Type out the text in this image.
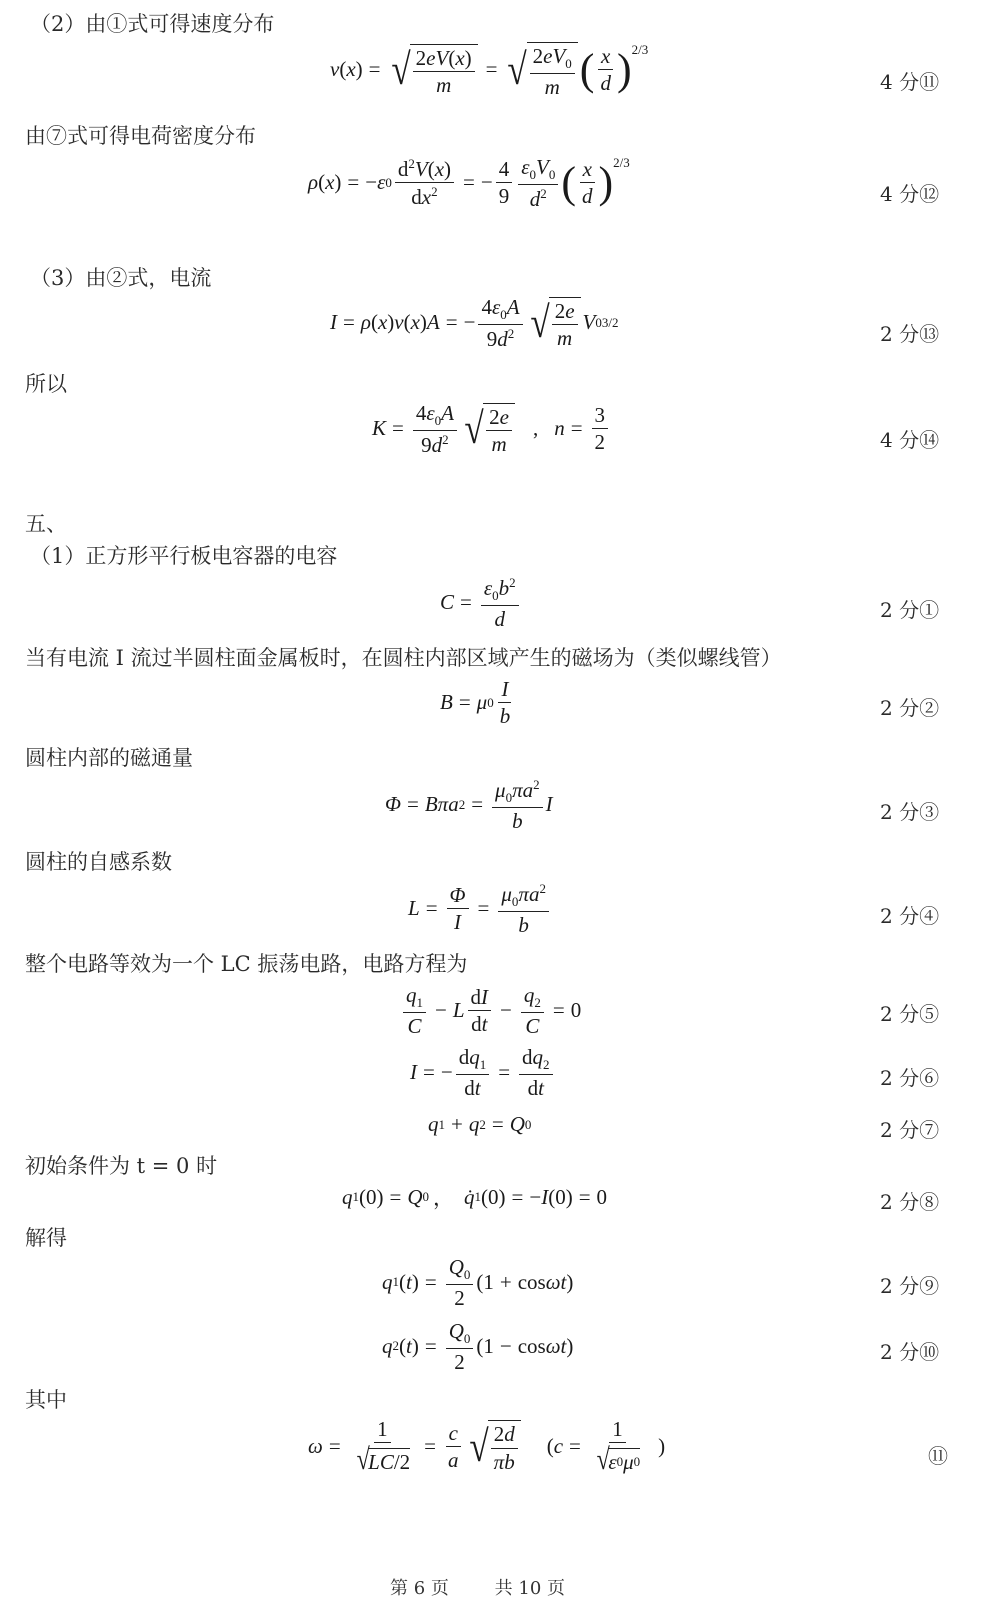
（2）由①式可得速度分布
v ( x ) = √ $\frac{2eV(x)}{m}$ = √ $\frac{2eV_0}{m}$ ( $\frac{x}{d}$ ) 2/3
4 分⑪
由⑦式可得电荷密度分布
ρ ( x ) = − ε $0 \frac{d^2V(x)}{dx^2}$ = − $\frac{4}{9} \frac{\varepsilon_0V_0}{d^2}$ ( $\frac{x}{d}$ ) 2/3
4 分⑫
（3）由②式，电流
I = ρ ( x ) v ( x ) A = − $\frac{4\varepsilon_0A}{9d^2}$ √ $\frac{2e}{m}$ V 0 3/2	2 分⑬
所以
$K = \frac{4\varepsilon_0A}{9d^2}$ √ $\frac{2e}{m}$ , $n = \frac{3}{2}$	4 分⑭
五、
（1）正方形平行板电容器的电容
$C = \frac{\varepsilon_0b^2}{d}$	2 分①
当有电流 I 流过半圆柱面金属板时，在圆柱内部区域产生的磁场为（类似螺线管）
B = μ $0 \frac{I}{b}$	2 分②
圆柱内部的磁通量
Φ = Bπa $2 = \frac{\mu_0\pi a^2}{b}$ I	2 分③
圆柱的自感系数
$L = \frac{\Phi}{I} = \frac{\mu_0\pi a^2}{b}$	2 分④
整个电路等效为一个 LC 振荡电路，电路方程为
$\frac{q_1}{C} - L \frac{dI}{dt} - \frac{q_2}{C} = 0$	2 分⑤
I = − $\frac{dq_1}{dt} = \frac{dq_2}{dt}$	2 分⑥
q 1 + q 2 = Q 0	2 分⑦
初始条件为 t = 0 时
q 1 (0) = Q 0 ， q̇ 1 (0) = − I (0) = 0	2 分⑧
解得
q 1 ( t ) = $\frac{Q_0}{2} (1 + \cos \omega t$ )	2 分⑨
q 2 ( t ) = $\frac{Q_0}{2} (1 - \cos \omega t$ )	2 分⑩
其中
ω = 1
√
LC $/2 = \frac{c}{a}$ √ $\frac{2d}{\pi b}$ ( c = 1
√
ε 0 μ 0 )	⑪
第 6 页	共 10 页
